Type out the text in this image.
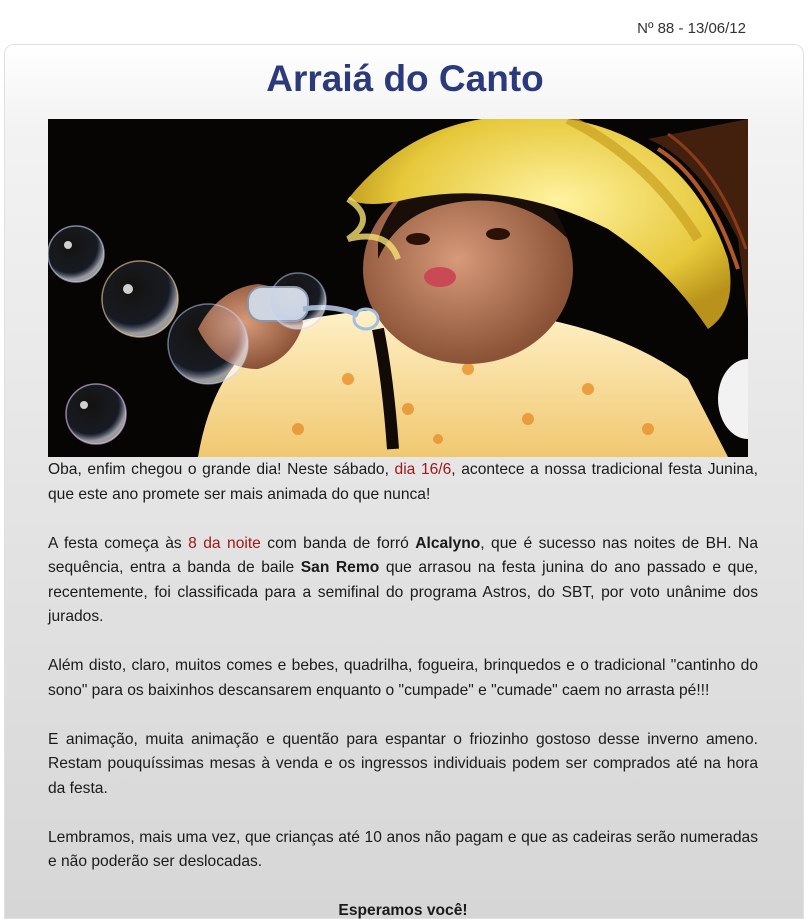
Nº 88 - 13/06/12
Arraiá do Canto

Oba, enfim chegou o grande dia! Neste sábado, dia 16/6, acontece a nossa tradicional festa Junina, que este ano promete ser mais animada do que nunca!

A festa começa às 8 da noite com banda de forró Alcalyno, que é sucesso nas noites de BH. Na sequência, entra a banda de baile San Remo que arrasou na festa junina do ano passado e que, recentemente, foi classificada para a semifinal do programa Astros, do SBT, por voto unânime dos jurados.

Além disto, claro, muitos comes e bebes, quadrilha, fogueira, brinquedos e o tradicional "cantinho do sono" para os baixinhos descansarem enquanto o "cumpade" e "cumade" caem no arrasta pé!!!

E animação, muita animação e quentão para espantar o friozinho gostoso desse inverno ameno. Restam pouquíssimas mesas à venda e os ingressos individuais podem ser comprados até na hora da festa.

Lembramos, mais uma vez, que crianças até 10 anos não pagam e que as cadeiras serão numeradas e não poderão ser deslocadas.

Esperamos você!
